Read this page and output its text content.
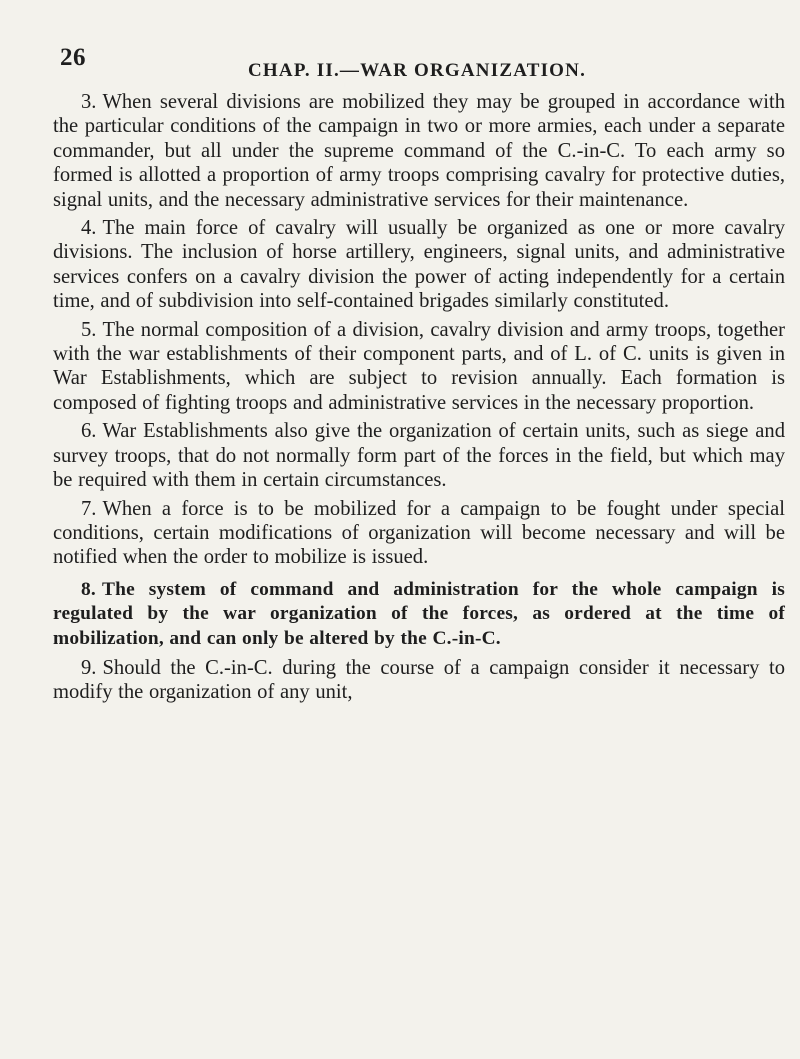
26	CHAP. II.—WAR ORGANIZATION.

3. When several divisions are mobilized they may be grouped in accordance with the particular conditions of the campaign in two or more armies, each under a separate commander, but all under the supreme command of the C.-in-C. To each army so formed is allotted a proportion of army troops comprising cavalry for protective duties, signal units, and the necessary administrative services for their maintenance.

4. The main force of cavalry will usually be organized as one or more cavalry divisions. The inclusion of horse artillery, engineers, signal units, and administrative services confers on a cavalry division the power of acting independently for a certain time, and of subdivision into self-contained brigades similarly constituted.

5. The normal composition of a division, cavalry division and army troops, together with the war establishments of their component parts, and of L. of C. units is given in War Establishments, which are subject to revision annually. Each formation is composed of fighting troops and administrative services in the necessary proportion.

6. War Establishments also give the organization of certain units, such as siege and survey troops, that do not normally form part of the forces in the field, but which may be required with them in certain circumstances.

7. When a force is to be mobilized for a campaign to be fought under special conditions, certain modifications of organization will become necessary and will be notified when the order to mobilize is issued.

8. The system of command and administration for the whole campaign is regulated by the war organization of the forces, as ordered at the time of mobilization, and can only be altered by the C.-in-C.

9. Should the C.-in-C. during the course of a campaign consider it necessary to modify the organization of any unit,
